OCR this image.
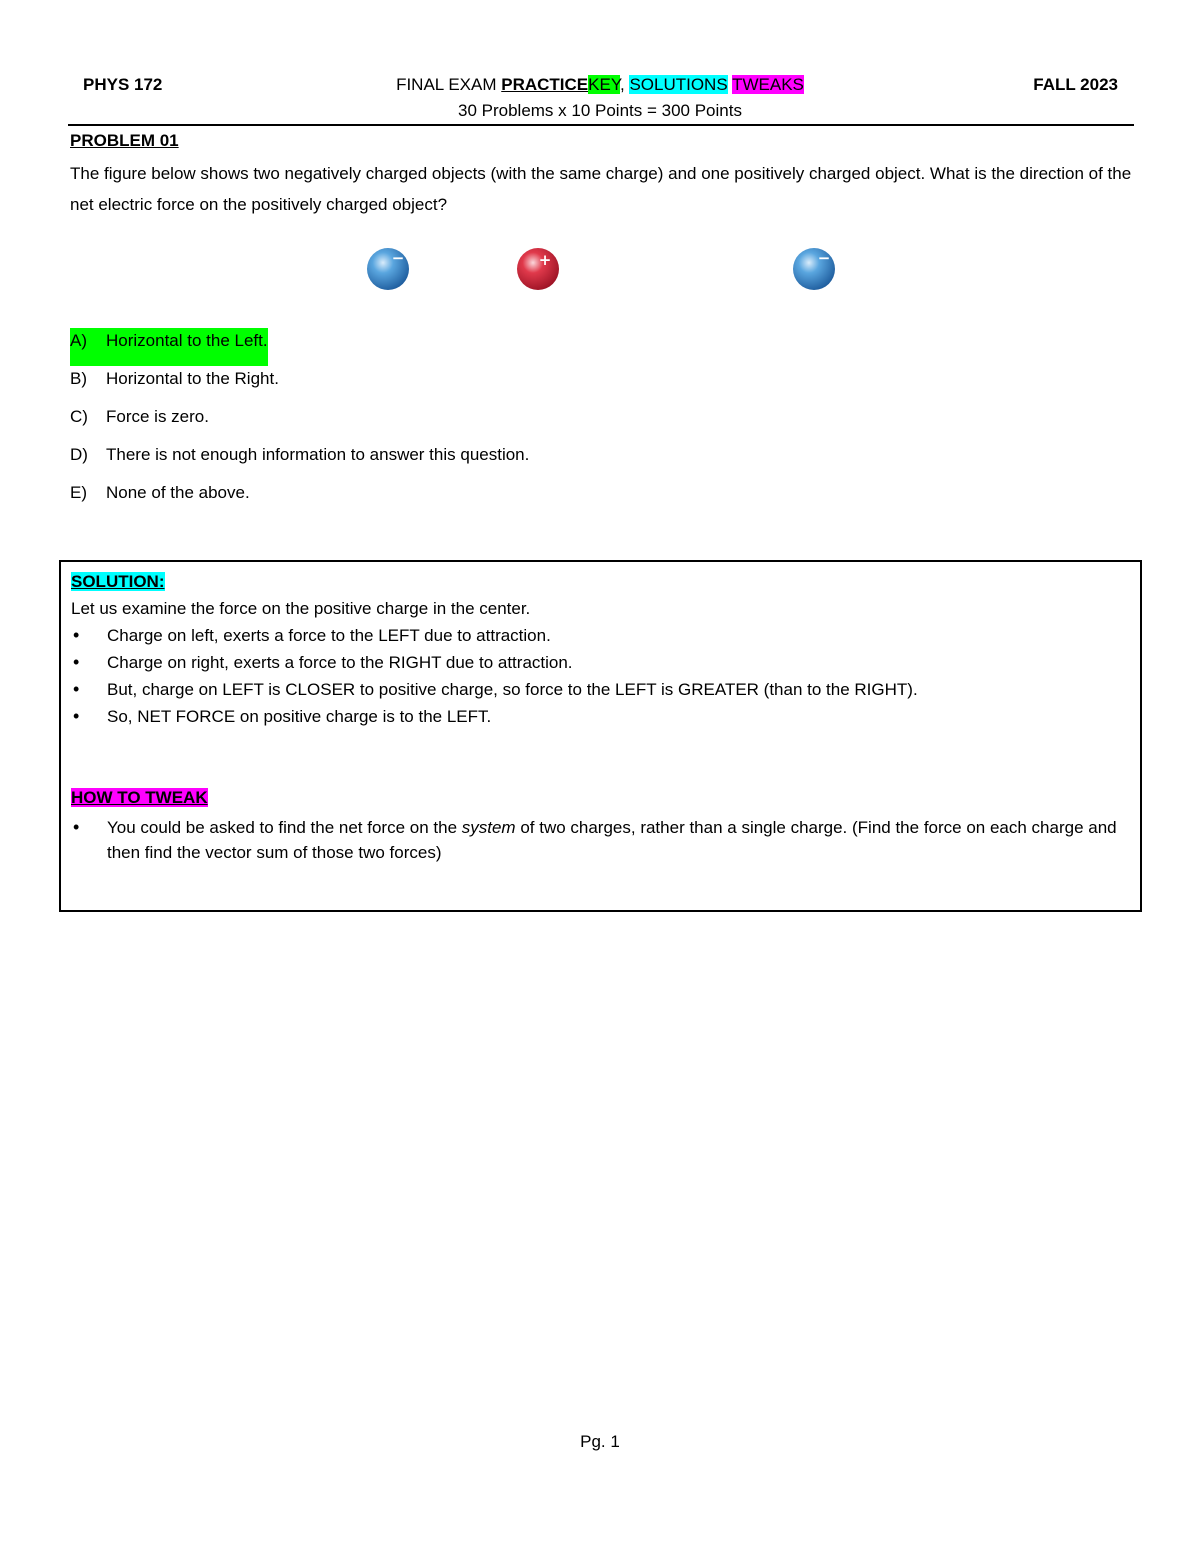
PHYS 172	FINAL EXAM PRACTICEKEY, SOLUTIONS TWEAKS	FALL 2023
30 Problems x 10 Points = 300 Points
PROBLEM 01
The figure below shows two negatively charged objects (with the same charge) and one positively charged object. What is the direction of the net electric force on the positively charged object?
−	+	−
A) Horizontal to the Left.
B)	Horizontal to the Right.
C)	Force is zero.
D)	There is not enough information to answer this question.
E)	None of the above.
SOLUTION:
Let us examine the force on the positive charge in the center.
• Charge on left, exerts a force to the LEFT due to attraction.
• Charge on right, exerts a force to the RIGHT due to attraction.
• But, charge on LEFT is CLOSER to positive charge, so force to the LEFT is GREATER (than to the RIGHT).
• So, NET FORCE on positive charge is to the LEFT.
HOW TO TWEAK
• You could be asked to find the net force on the system of two charges, rather than a single charge. (Find the force on each charge and then find the vector sum of those two forces)
Pg. 1
